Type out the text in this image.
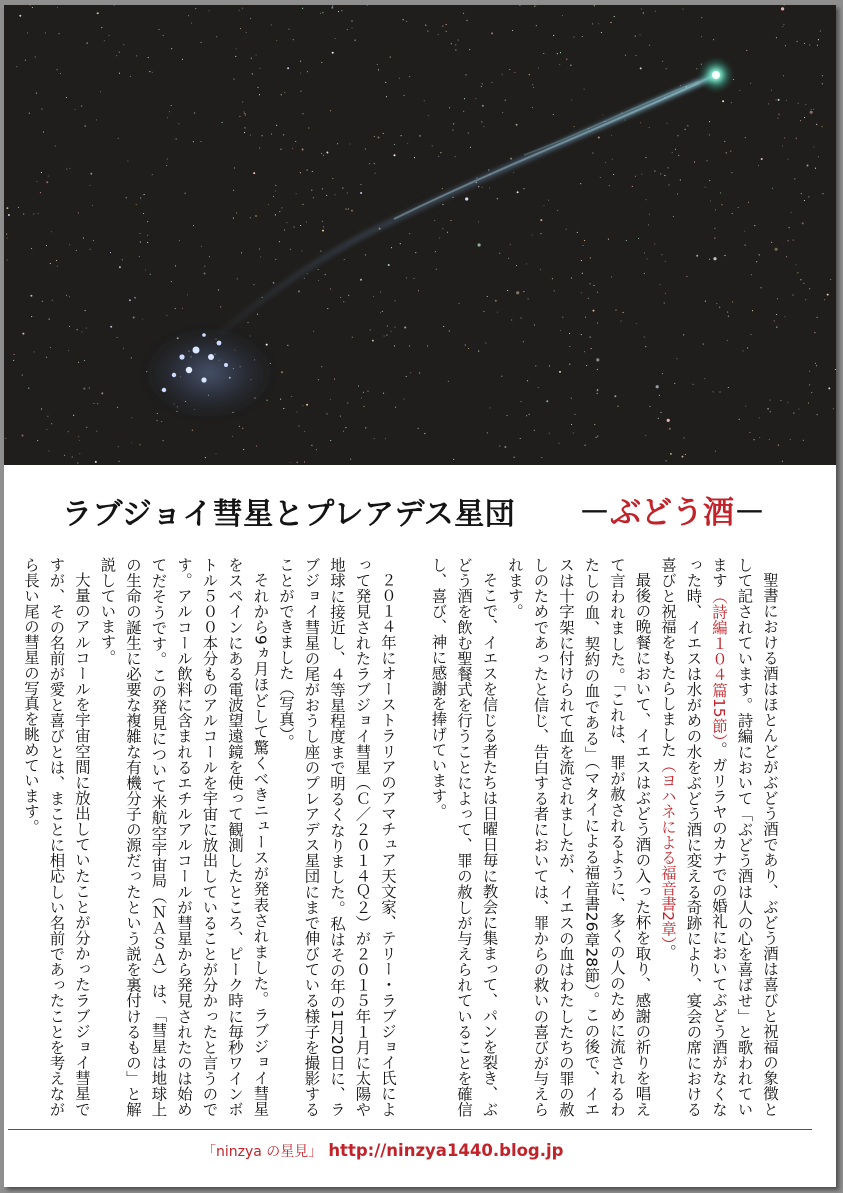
ラブジョイ彗星とプレアデス星団 －ぶどう酒－

聖書における酒はほとんどがぶどう酒であり、ぶどう酒は喜びと祝福の象徴として記されています。詩編において「ぶどう酒は人の心を喜ばせ」と歌われています（詩編１０４篇15節）。ガリラヤのカナでの婚礼においてぶどう酒がなくなった時、イエスは水がめの水をぶどう酒に変える奇跡により、宴会の席における喜びと祝福をもたらしました（ヨハネによる福音書2章）。

最後の晩餐において、イエスはぶどう酒の入った杯を取り、感謝の祈りを唱えて言われました。「これは、罪が赦されるように、多くの人のために流されるわたしの血、契約の血である」（マタイによる福音書26章28節）。この後で、イエスは十字架に付けられて血を流されましたが、イエスの血はわたしたちの罪の赦しのためであったと信じ、告白する者においては、罪からの救いの喜びが与えられます。

そこで、イエスを信じる者たちは日曜日毎に教会に集まって、パンを裂き、ぶどう酒を飲む聖餐式を行うことによって、罪の赦しが与えられていることを確信し、喜び、神に感謝を捧げています。

２０１４年にオーストラリアのアマチュア天文家、テリー・ラブジョイ氏によって発見されたラブジョイ彗星（Ｃ／２０１４Ｑ２）が２０１５年１月に太陽や地球に接近し、４等星程度まで明るくなりました。私はその年の1月20日に、ラブジョイ彗星の尾がおうし座のプレアデス星団にまで伸びている様子を撮影することができました（写真）。

それから9ヵ月ほどして驚くべきニュースが発表されました。ラブジョイ彗星をスペインにある電波望遠鏡を使って観測したところ、ピーク時に毎秒ワインボトル５００本分ものアルコールを宇宙に放出していることが分かったと言うのです。アルコール飲料に含まれるエチルアルコールが彗星から発見されたのは始めてだそうです。この発見について米航空宇宙局（ＮＡＳＡ）は、「彗星は地球上の生命の誕生に必要な複雑な有機分子の源だったという説を裏付けるもの」と解説しています。

大量のアルコールを宇宙空間に放出していたことが分かったラブジョイ彗星ですが、その名前が愛と喜びとは、まことに相応しい名前であったことを考えながら長い尾の彗星の写真を眺めています。

「ninzya の星見」 http://ninzya1440.blog.jp
